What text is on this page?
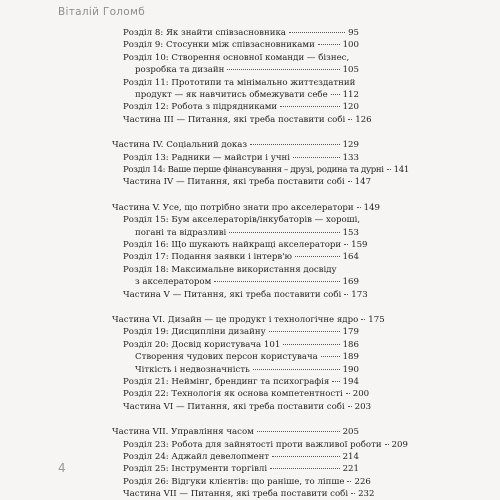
Віталій Голомб
Розділ 8: Як знайти співзасновника	95
Розділ 9: Стосунки між співзасновниками	100
Розділ 10: Створення основної команди — бізнес,
розробка та дизайн	105
Розділ 11: Прототипи та мінімально життєздатний
продукт — як навчитись обмежувати себе 112
Розділ 12: Робота з підрядниками	120
Частина III — Питання, які треба поставити собі 126
Частина IV. Соціальний доказ	129
Розділ 13: Радники — майстри і учні	133
Розділ 14: Ваше перше фінансування – друзі, родина та дурні 141
Частина IV — Питання, які треба поставити собі 147
Частина V. Усе, що потрібно знати про акселератори 149
Розділ 15: Бум акселераторів/інкубаторів — хороші,
погані та відразливі	153
Розділ 16: Що шукають найкращі акселератори 159
Розділ 17: Подання заявки і інтерв'ю	164
Розділ 18: Максимальне використання досвіду
з акселератором	169
Частина V — Питання, які треба поставити собі 173
Частина VI. Дизайн — це продукт і технологічне ядро 175
Розділ 19: Дисципліни дизайну	179
Розділ 20: Досвід користувача 101	186
Створення чудових персон користувача	189
Чіткість і недвозначність	190
Розділ 21: Неймінг, брендинг та психографія 194
Розділ 22: Технологія як основа компетентності 200
Частина VI — Питання, які треба поставити собі 203
Частина VII. Управління часом	205
Розділ 23: Робота для зайнятості проти важливої роботи 209
Розділ 24: Аджайл девелопмент	214
Розділ 25: Інструменти торгівлі	221
Розділ 26: Відгуки клієнтів: що раніше, то ліпше 226
Частина VII — Питання, які треба поставити собі 232
4
